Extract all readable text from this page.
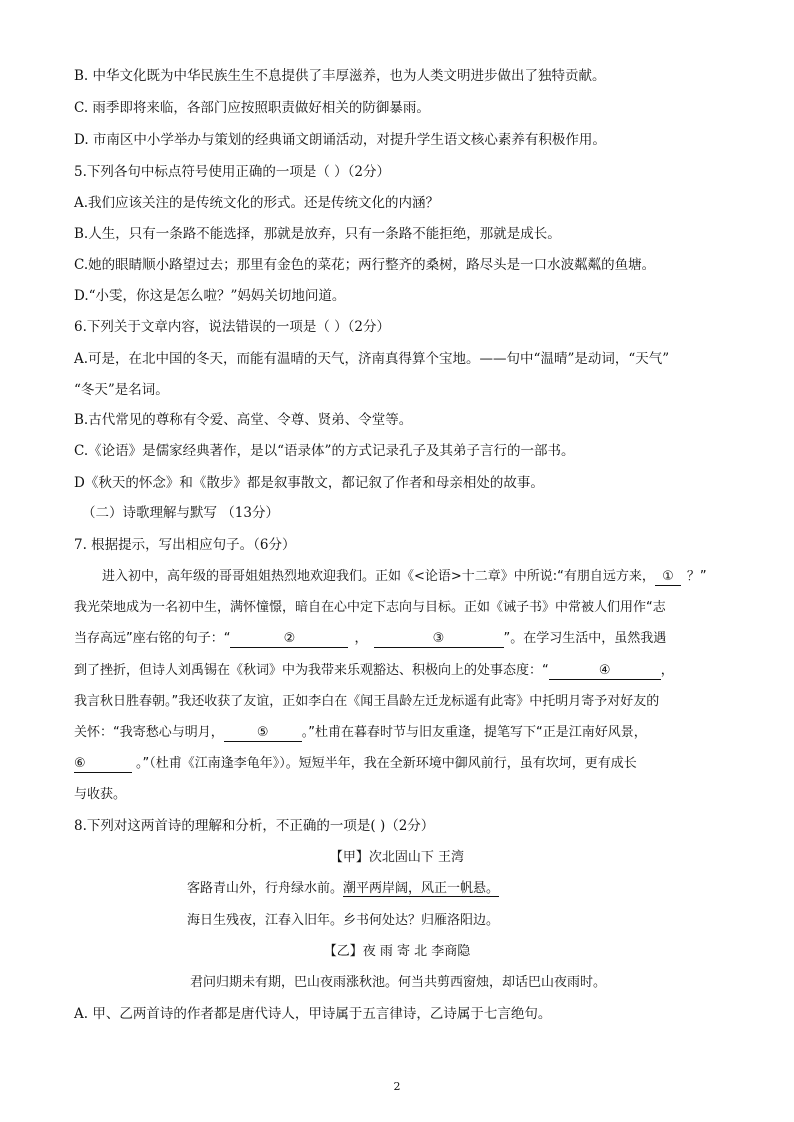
B. 中华文化既为中华民族生生不息提供了丰厚滋养，也为人类文明进步做出了独特贡献。
C. 雨季即将来临，各部门应按照职责做好相关的防御暴雨。
D. 市南区中小学举办与策划的经典诵文朗诵活动，对提升学生语文核心素养有积极作用。
5.下列各句中标点符号使用正确的一项是（ ）（2分）
A.我们应该关注的是传统文化的形式。还是传统文化的内涵？
B.人生，只有一条路不能选择，那就是放弃，只有一条路不能拒绝，那就是成长。
C.她的眼睛顺小路望过去；那里有金色的菜花；两行整齐的桑树，路尽头是一口水波粼粼的鱼塘。
D.“小雯，你这是怎么啦？”妈妈关切地问道。
6.下列关于文章内容，说法错误的一项是（ ）（2分）
A.可是，在北中国的冬天，而能有温晴的天气，济南真得算个宝地。——句中“温晴”是动词，“天气”
“冬天”是名词。
B.古代常见的尊称有令爱、高堂、令尊、贤弟、令堂等。
C.《论语》是儒家经典著作，是以“语录体”的方式记录孔子及其弟子言行的一部书。
D《秋天的怀念》和《散步》都是叙事散文，都记叙了作者和母亲相处的故事。
（二）诗歌理解与默写 （13分）
7. 根据提示，写出相应句子。（6分）
进入初中，高年级的哥哥姐姐热烈地欢迎我们。正如《<论语>十二章》中所说:“有朋自远方来， ① ？”
我光荣地成为一名初中生，满怀憧憬，暗自在心中定下志向与目标。正如《诫子书》中常被人们用作“志
当存高远”座右铭的句子：“	②	，	③	”。在学习生活中，虽然我遇
到了挫折，但诗人刘禹锡在《秋词》中为我带来乐观豁达、积极向上的处事态度：“	④	，
我言秋日胜春朝。”我还收获了友谊，正如李白在《闻王昌龄左迁龙标遥有此寄》中托明月寄予对好友的
关怀：“我寄愁心与明月，	⑤	。”杜甫在暮春时节与旧友重逢，提笔写下“正是江南好风景，
⑥	。”（杜甫《江南逢李龟年》）。短短半年，我在全新环境中御风前行，虽有坎坷，更有成长
与收获。
8.下列对这两首诗的理解和分析，不正确的一项是( )（2分）
【甲】次北固山下 王湾
客路青山外，行舟绿水前。潮平两岸阔，风正一帆悬。
海日生残夜，江春入旧年。乡书何处达？归雁洛阳边。
【乙】夜 雨 寄 北 李商隐
君问归期未有期，巴山夜雨涨秋池。何当共剪西窗烛，却话巴山夜雨时。
A. 甲、乙两首诗的作者都是唐代诗人，甲诗属于五言律诗，乙诗属于七言绝句。
2
